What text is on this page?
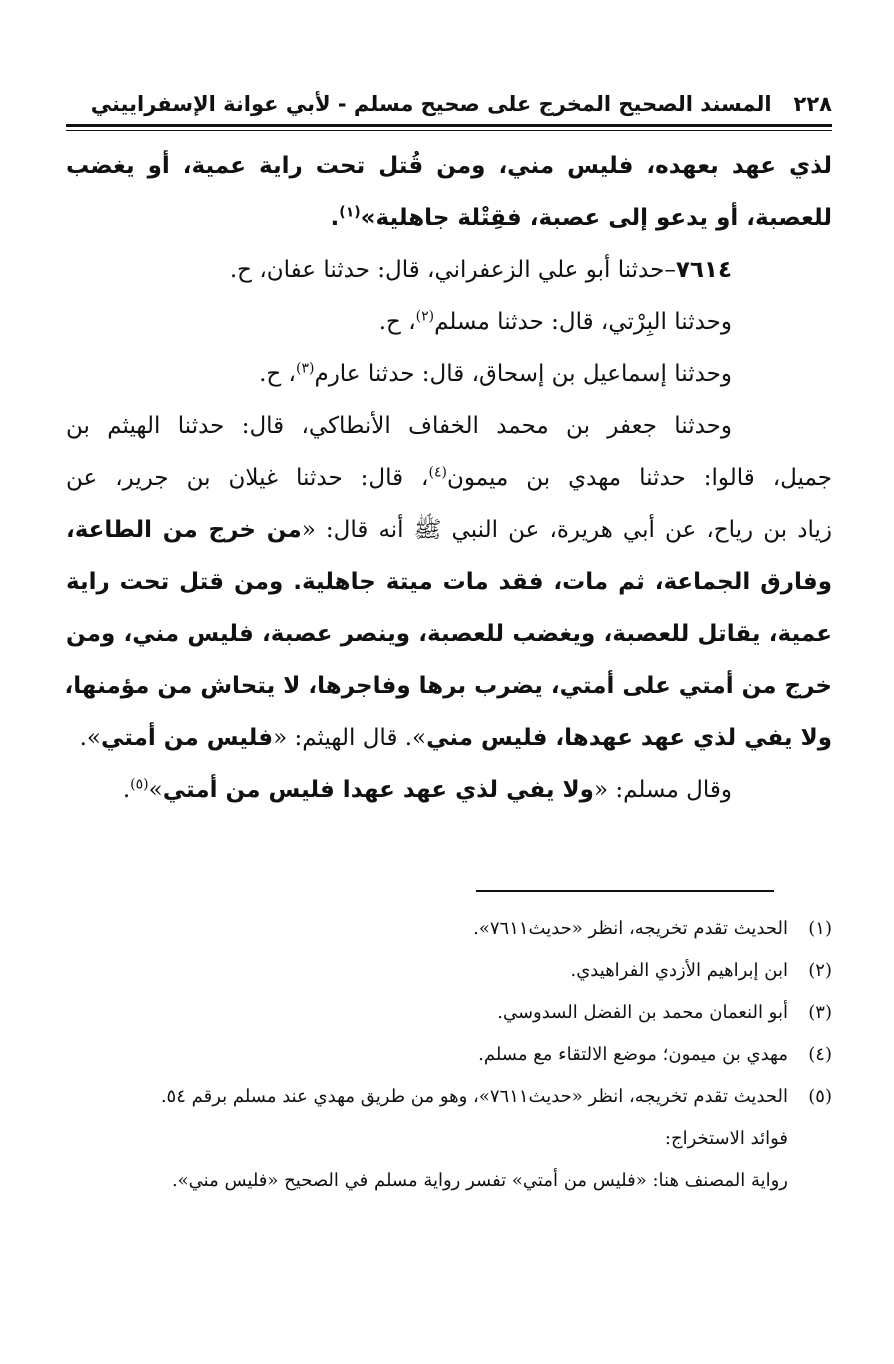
٢٢٨
المسند الصحيح المخرج على صحيح مسلم - لأبي عوانة الإسفراييني
لذي عهد بعهده، فليس مني، ومن قُتل تحت راية عمية، أو يغضب
للعصبة، أو يدعو إلى عصبة، فقِتْلة جاهلية»$^{(١)}$.
٧٦١٤–حدثنا أبو علي الزعفراني، قال: حدثنا عفان، ح.
وحدثنا البِرْتي، قال: حدثنا مسلم$^{(٢)}$، ح.
وحدثنا إسماعيل بن إسحاق، قال: حدثنا عارم$^{(٣)}$، ح.
وحدثنا جعفر بن محمد الخفاف الأنطاكي، قال: حدثنا الهيثم بن
جميل، قالوا: حدثنا مهدي بن ميمون$^{(٤)}$، قال: حدثنا غيلان بن جرير، عن
زياد بن رياح، عن أبي هريرة، عن النبي ﷺ أنه قال: «من خرج من الطاعة،
وفارق الجماعة، ثم مات، فقد مات ميتة جاهلية. ومن قتل تحت راية
عمية، يقاتل للعصبة، ويغضب للعصبة، وينصر عصبة، فليس مني، ومن
خرج من أمتي على أمتي، يضرب برها وفاجرها، لا يتحاش من مؤمنها،
ولا يفي لذي عهد عهدها، فليس مني». قال الهيثم: «فليس من أمتي».
وقال مسلم: «ولا يفي لذي عهد عهدا فليس من أمتي»$^{(٥)}$.
(١)الحديث تقدم تخريجه، انظر «حديث٧٦١١».
(٢)ابن إبراهيم الأزدي الفراهيدي.
(٣)أبو النعمان محمد بن الفضل السدوسي.
(٤)مهدي بن ميمون؛ موضع الالتقاء مع مسلم.
(٥)الحديث تقدم تخريجه، انظر «حديث٧٦١١»، وهو من طريق مهدي عند مسلم برقم ٥٤.
فوائد الاستخراج:
رواية المصنف هنا: «فليس من أمتي» تفسر رواية مسلم في الصحيح «فليس مني».
